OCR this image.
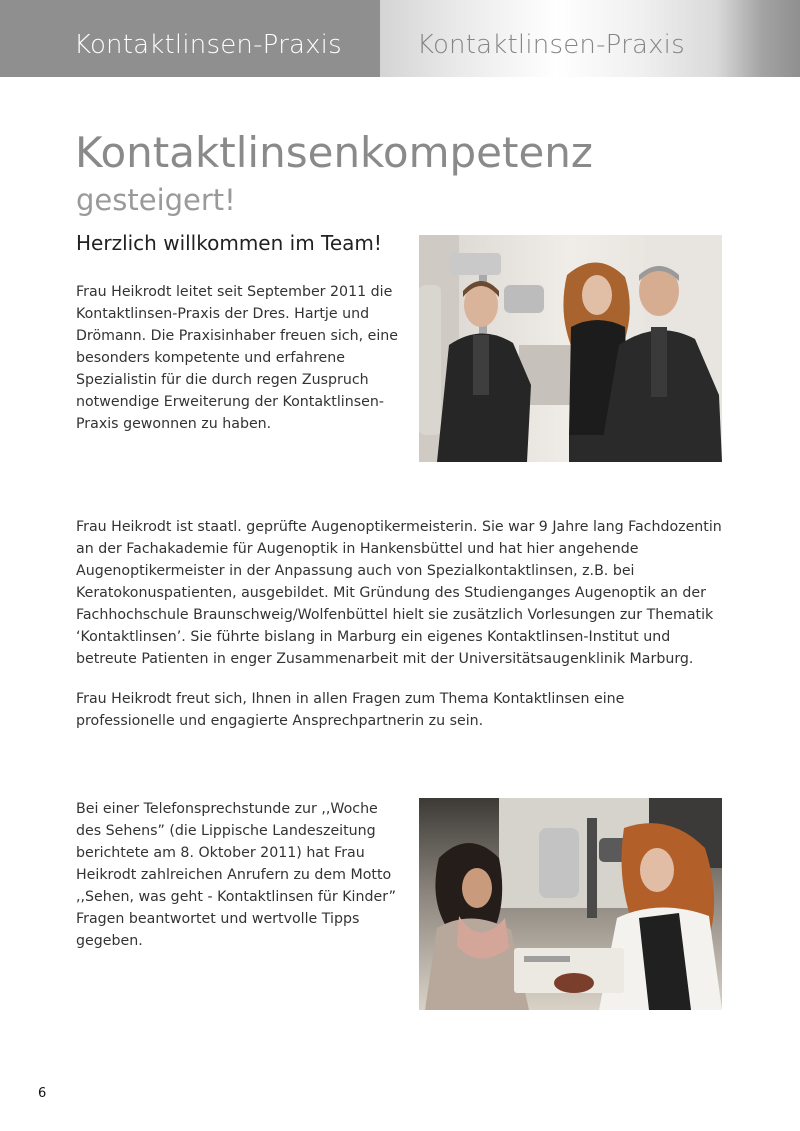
Kontaktlinsen-Praxis	Kontaktlinsen-Praxis
Kontaktlinsenkompetenz
gesteigert!
Herzlich willkommen im Team!

Frau Heikrodt leitet seit September 2011 die Kontaktlinsen-Praxis der Dres. Hartje und Drömann. Die Praxisinhaber freuen sich, eine besonders kompetente und erfahrene Spezialistin für die durch regen Zuspruch notwendige Erweiterung der Kontaktlinsen-Praxis gewonnen zu haben.

Frau Heikrodt ist staatl. geprüfte Augenoptikermeisterin. Sie war 9 Jahre lang Fachdozentin an der Fachakademie für Augenoptik in Hankensbüttel und hat hier angehende Augenoptikermeister in der Anpassung auch von Spezialkontaktlinsen, z.B. bei Keratokonuspatienten, ausgebildet. Mit Gründung des Studienganges Augenoptik an der Fachhochschule Braunschweig/Wolfenbüttel hielt sie zusätzlich Vorlesungen zur Thematik ‘Kontaktlinsen’. Sie führte bislang in Marburg ein eigenes Kontaktlinsen-Institut und betreute Patienten in enger Zusammenarbeit mit der Universitätsaugenklinik Marburg.

Frau Heikrodt freut sich, Ihnen in allen Fragen zum Thema Kontaktlinsen eine professionelle und engagierte Ansprechpartnerin zu sein.

Bei einer Telefonsprechstunde zur ,,Woche des Sehens” (die Lippische Landeszeitung berichtete am 8. Oktober 2011) hat Frau Heikrodt zahlreichen Anrufern zu dem Motto ,,Sehen, was geht - Kontaktlinsen für Kinder” Fragen beantwortet und wertvolle Tipps gegeben.

6
